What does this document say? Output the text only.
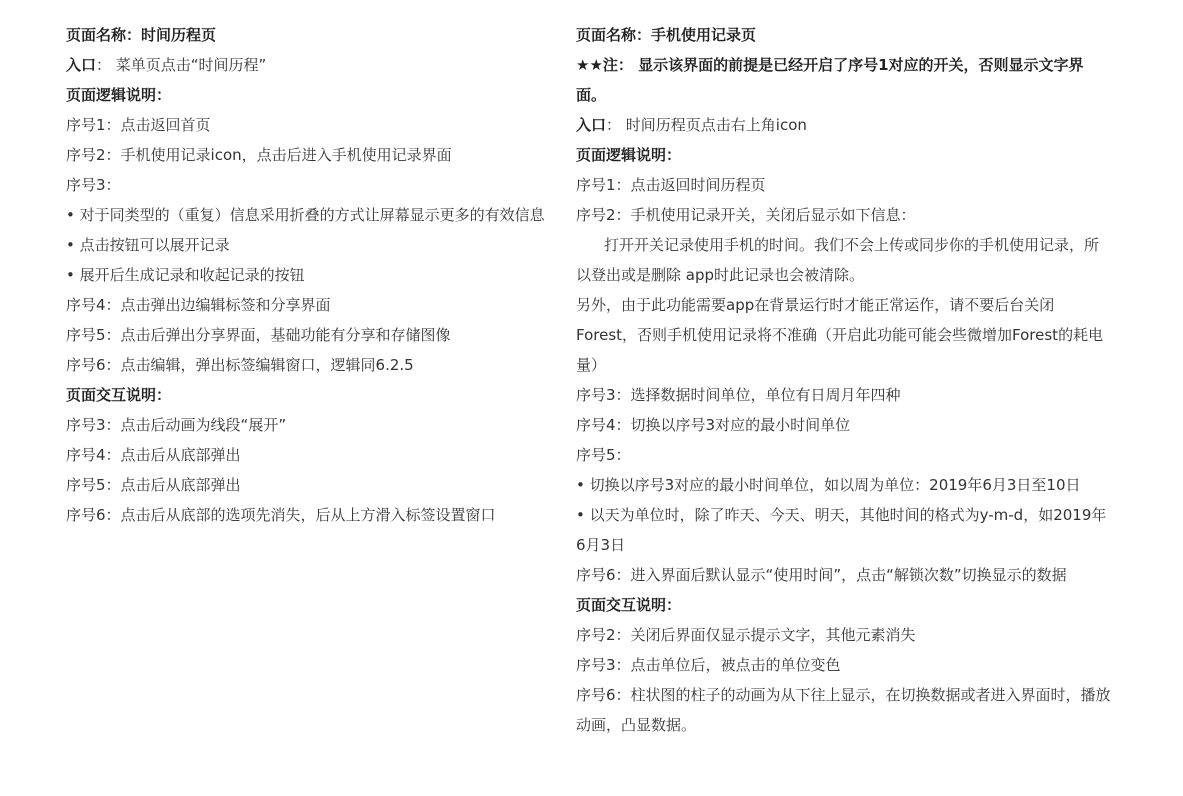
页面名称：时间历程页
入口： 菜单页点击“时间历程”
页面逻辑说明：
序号1：点击返回首页
序号2：手机使用记录icon，点击后进入手机使用记录界面
序号3：
• 对于同类型的（重复）信息采用折叠的方式让屏幕显示更多的有效信息
• 点击按钮可以展开记录
• 展开后生成记录和收起记录的按钮
序号4：点击弹出边编辑标签和分享界面
序号5：点击后弹出分享界面，基础功能有分享和存储图像
序号6：点击编辑，弹出标签编辑窗口，逻辑同6.2.5
页面交互说明：
序号3：点击后动画为线段“展开”
序号4：点击后从底部弹出
序号5：点击后从底部弹出
序号6：点击后从底部的选项先消失，后从上方滑入标签设置窗口
页面名称：手机使用记录页
★★注： 显示该界面的前提是已经开启了序号1对应的开关，否则显示文字界面。
入口： 时间历程页点击右上角icon
页面逻辑说明：
序号1：点击返回时间历程页
序号2：手机使用记录开关，关闭后显示如下信息：
打开开关记录使用手机的时间。我们不会上传或同步你的手机使用记录，所以登出或是删除 app时此记录也会被清除。
另外，由于此功能需要app在背景运行时才能正常运作，请不要后台关闭Forest，否则手机使用记录将不准确（开启此功能可能会些微增加Forest的耗电量）
序号3：选择数据时间单位，单位有日周月年四种
序号4：切换以序号3对应的最小时间单位
序号5：
• 切换以序号3对应的最小时间单位，如以周为单位：2019年6月3日至10日
• 以天为单位时，除了昨天、今天、明天，其他时间的格式为y-m-d，如2019年6月3日
序号6：进入界面后默认显示“使用时间”，点击“解锁次数”切换显示的数据
页面交互说明：
序号2：关闭后界面仅显示提示文字，其他元素消失
序号3：点击单位后，被点击的单位变色
序号6：柱状图的柱子的动画为从下往上显示，在切换数据或者进入界面时，播放动画，凸显数据。
